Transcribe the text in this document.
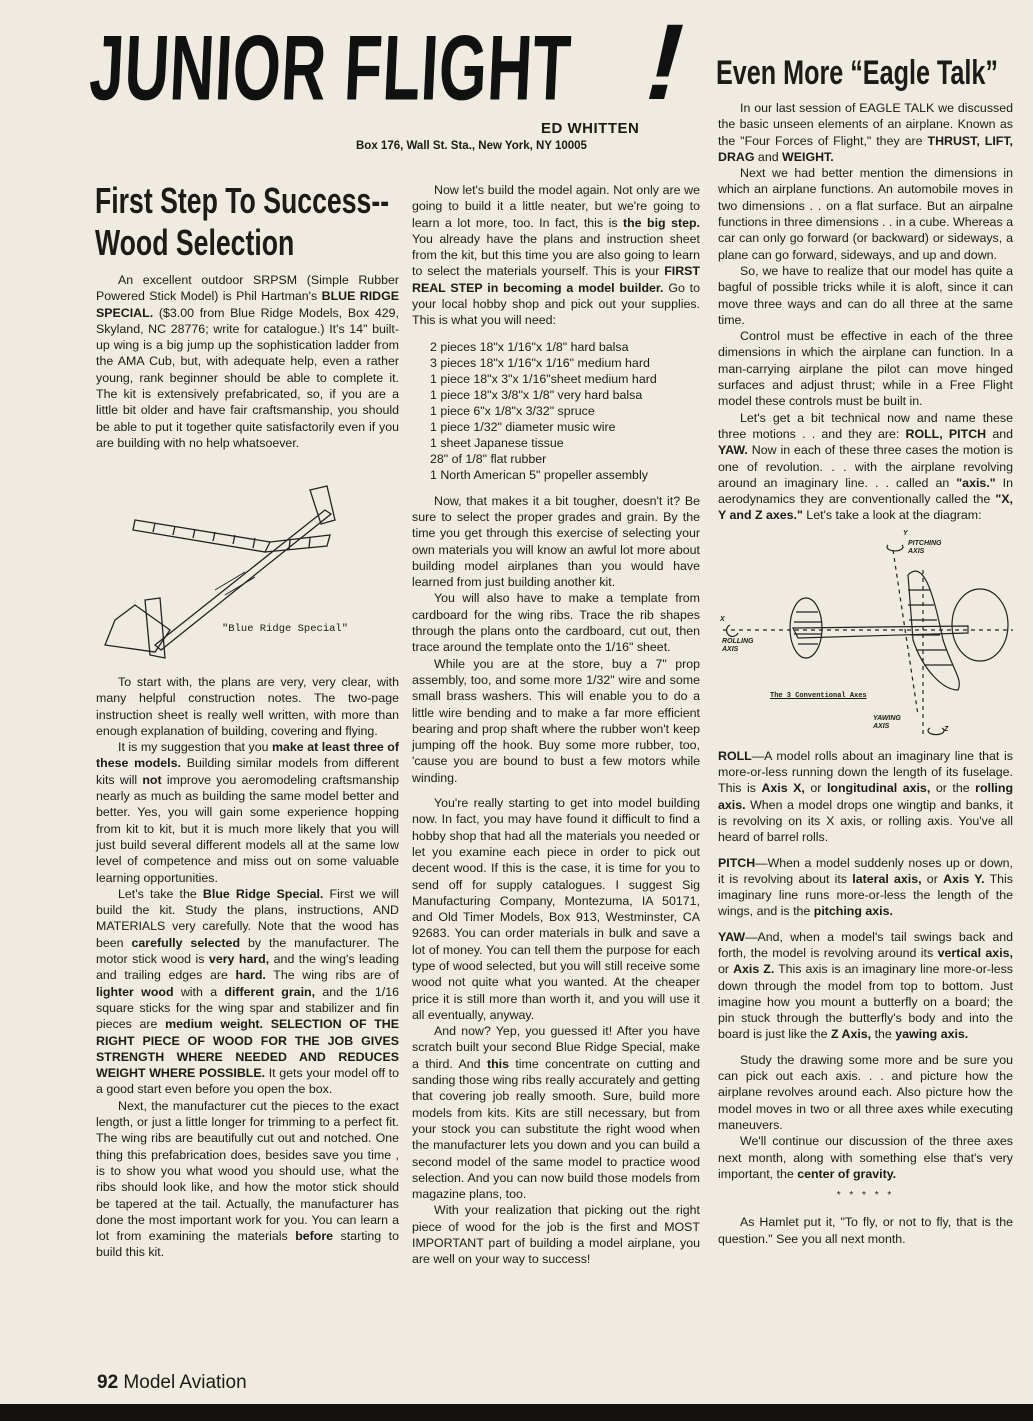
JUNIOR FLIGHT !
ED WHITTEN
Box 176, Wall St. Sta., New York, NY 10005
Even More “Eagle Talk”
First Step To Success-- Wood Selection

An excellent outdoor SRPSM (Simple Rubber Powered Stick Model) is Phil Hartman's BLUE RIDGE SPECIAL. ($3.00 from Blue Ridge Models, Box 429, Skyland, NC 28776; write for catalogue.) It's 14" built-up wing is a big jump up the sophistication ladder from the AMA Cub, but, with adequate help, even a rather young, rank beginner should be able to complete it. The kit is extensively prefabricated, so, if you are a little bit older and have fair craftsmanship, you should be able to put it together quite satisfactorily even if you are building with no help whatsoever.

"Blue Ridge Special"

To start with, the plans are very, very clear, with many helpful construction notes. The two-page instruction sheet is really well written, with more than enough explanation of building, covering and flying.

It is my suggestion that you make at least three of these models. Building similar models from different kits will not improve you aeromodeling craftsmanship nearly as much as building the same model better and better. Yes, you will gain some experience hopping from kit to kit, but it is much more likely that you will just build several different models all at the same low level of competence and miss out on some valuable learning opportunities.

Let's take the Blue Ridge Special. First we will build the kit. Study the plans, instructions, AND MATERIALS very carefully. Note that the wood has been carefully selected by the manufacturer. The motor stick wood is very hard, and the wing's leading and trailing edges are hard. The wing ribs are of lighter wood with a different grain, and the 1/16 square sticks for the wing spar and stabilizer and fin pieces are medium weight. SELECTION OF THE RIGHT PIECE OF WOOD FOR THE JOB GIVES STRENGTH WHERE NEEDED AND REDUCES WEIGHT WHERE POSSIBLE. It gets your model off to a good start even before you open the box.

Next, the manufacturer cut the pieces to the exact length, or just a little longer for trimming to a perfect fit. The wing ribs are beautifully cut out and notched. One thing this prefabrication does, besides save you time , is to show you what wood you should use, what the ribs should look like, and how the motor stick should be tapered at the tail. Actually, the manufacturer has done the most important work for you. You can learn a lot from examining the materials before starting to build this kit.

Now let's build the model again. Not only are we going to build it a little neater, but we're going to learn a lot more, too. In fact, this is the big step. You already have the plans and instruction sheet from the kit, but this time you are also going to learn to select the materials yourself. This is your FIRST REAL STEP in becoming a model builder. Go to your local hobby shop and pick out your supplies. This is what you will need:

2 pieces 18"x 1/16"x 1/8" hard balsa
3 pieces 18"x 1/16"x 1/16" medium hard
1 piece 18"x 3"x 1/16"sheet medium hard
1 piece 18"x 3/8"x 1/8" very hard balsa
1 piece 6"x 1/8"x 3/32" spruce
1 piece 1/32" diameter music wire
1 sheet Japanese tissue
28" of 1/8" flat rubber
1 North American 5" propeller assembly

Now, that makes it a bit tougher, doesn't it? Be sure to select the proper grades and grain. By the time you get through this exercise of selecting your own materials you will know an awful lot more about building model airplanes than you would have learned from just building another kit.

You will also have to make a template from cardboard for the wing ribs. Trace the rib shapes through the plans onto the cardboard, cut out, then trace around the template onto the 1/16" sheet.

While you are at the store, buy a 7" prop assembly, too, and some more 1/32" wire and some small brass washers. This will enable you to do a little wire bending and to make a far more efficient bearing and prop shaft where the rubber won't keep jumping off the hook. Buy some more rubber, too, 'cause you are bound to bust a few motors while winding.

You're really starting to get into model building now. In fact, you may have found it difficult to find a hobby shop that had all the materials you needed or let you examine each piece in order to pick out decent wood. If this is the case, it is time for you to send off for supply catalogues. I suggest Sig Manufacturing Company, Montezuma, IA 50171, and Old Timer Models, Box 913, Westminster, CA 92683. You can order materials in bulk and save a lot of money. You can tell them the purpose for each type of wood selected, but you will still receive some wood not quite what you wanted. At the cheaper price it is still more than worth it, and you will use it all eventually, anyway.

And now? Yep, you guessed it! After you have scratch built your second Blue Ridge Special, make a third. And this time concentrate on cutting and sanding those wing ribs really accurately and getting that covering job really smooth. Sure, build more models from kits. Kits are still necessary, but from your stock you can substitute the right wood when the manufacturer lets you down and you can build a second model of the same model to practice wood selection. And you can now build those models from magazine plans, too.

With your realization that picking out the right piece of wood for the job is the first and MOST IMPORTANT part of building a model airplane, you are well on your way to success!

In our last session of EAGLE TALK we discussed the basic unseen elements of an airplane. Known as the "Four Forces of Flight," they are THRUST, LIFT, DRAG and WEIGHT.

Next we had better mention the dimensions in which an airplane functions. An automobile moves in two dimensions . . on a flat surface. But an airpalne functions in three dimensions . . in a cube. Whereas a car can only go forward (or backward) or sideways, a plane can go forward, sideways, and up and down.

So, we have to realize that our model has quite a bagful of possible tricks while it is aloft, since it can move three ways and can do all three at the same time.

Control must be effective in each of the three dimensions in which the airplane can function. In a man-carrying airplane the pilot can move hinged surfaces and adjust thrust; while in a Free Flight model these controls must be built in.

Let's get a bit technical now and name these three motions . . and they are: ROLL, PITCH and YAW. Now in each of these three cases the motion is one of revolution. . . with the airplane revolving around an imaginary line. . . called an "axis." In aerodynamics they are conventionally called the "X, Y and Z axes." Let's take a look at the diagram:

Y
PITCHING AXIS
X
ROLLING AXIS
YAWING AXIS	Z
The 3 Conventional Axes

ROLL—A model rolls about an imaginary line that is more-or-less running down the length of its fuselage. This is Axis X, or longitudinal axis, or the rolling axis. When a model drops one wingtip and banks, it is revolving on its X axis, or rolling axis. You've all heard of barrel rolls.

PITCH—When a model suddenly noses up or down, it is revolving about its lateral axis, or Axis Y. This imaginary line runs more-or-less the length of the wings, and is the pitching axis.

YAW—And, when a model's tail swings back and forth, the model is revolving around its vertical axis, or Axis Z. This axis is an imaginary line more-or-less down through the model from top to bottom. Just imagine how you mount a butterfly on a board; the pin stuck through the butterfly's body and into the board is just like the Z Axis, the yawing axis.

Study the drawing some more and be sure you can pick out each axis. . . and picture how the airplane revolves around each. Also picture how the model moves in two or all three axes while executing maneuvers.

We'll continue our discussion of the three axes next month, along with something else that's very important, the center of gravity.

* * * * *

As Hamlet put it, "To fly, or not to fly, that is the question." See you all next month.

92 Model Aviation
